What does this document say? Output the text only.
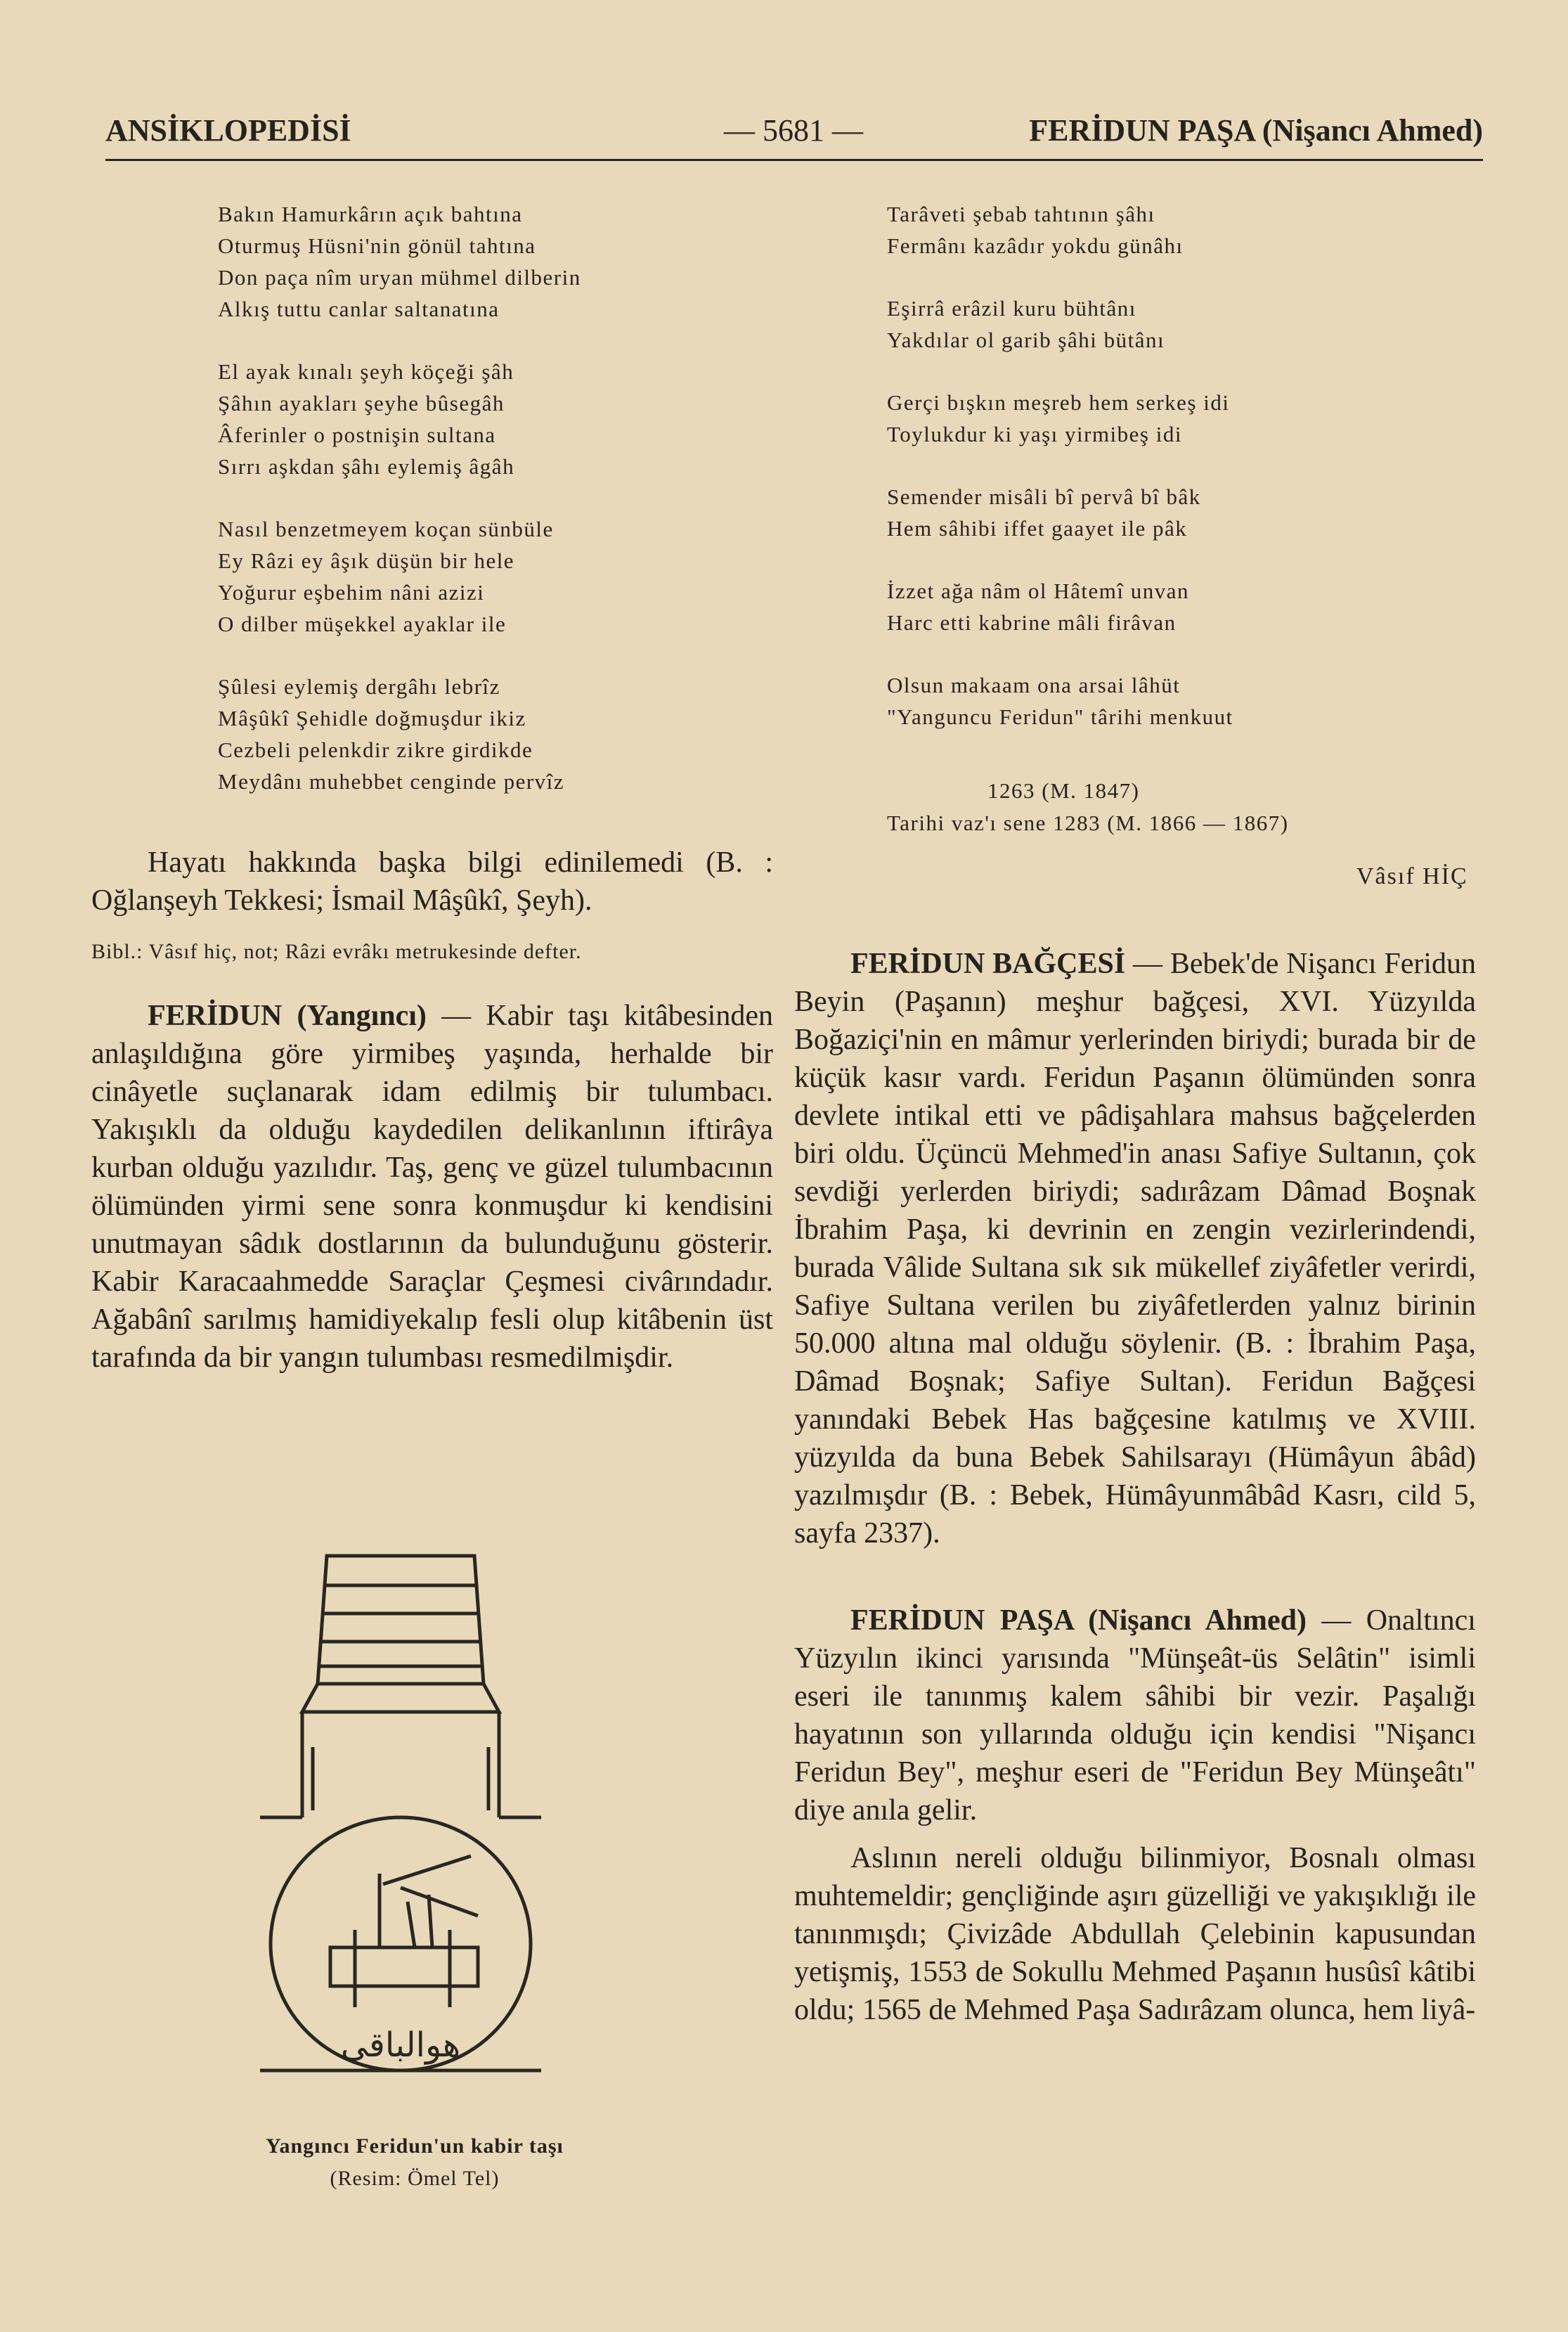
ANSİKLOPEDİSİ	— 5681 —	FERİDUN PAŞA (Nişancı Ahmed)
Bakın Hamurkârın açık bahtına
Oturmuş Hüsni'nin gönül tahtına
Don paça nîm uryan mühmel dilberin
Alkış tuttu canlar saltanatına
El ayak kınalı şeyh köçeği şâh
Şâhın ayakları şeyhe bûsegâh
Âferinler o postnişin sultana
Sırrı aşkdan şâhı eylemiş âgâh
Nasıl benzetmeyem koçan sünbüle
Ey Râzi ey âşık düşün bir hele
Yoğurur eşbehim nâni azizi
O dilber müşekkel ayaklar ile
Şûlesi eylemiş dergâhı lebrîz
Mâşûkî Şehidle doğmuşdur ikiz
Cezbeli pelenkdir zikre girdikde
Meydânı muhebbet cenginde pervîz
Tarâveti şebab tahtının şâhı
Fermânı kazâdır yokdu günâhı
Eşirrâ erâzil kuru bühtânı
Yakdılar ol garib şâhi bütânı
Gerçi bışkın meşreb hem serkeş idi
Toylukdur ki yaşı yirmibeş idi
Semender misâli bî pervâ bî bâk
Hem sâhibi iffet gaayet ile pâk
İzzet ağa nâm ol Hâtemî unvan
Harc etti kabrine mâli firâvan
Olsun makaam ona arsai lâhüt
"Yanguncu Feridun" târihi menkuut
1263 (M. 1847)
Tarihi vaz'ı sene 1283 (M. 1866 — 1867)
Vâsıf HİÇ

Hayatı hakkında başka bilgi edinilemedi (B. : Oğlanşeyh Tekkesi; İsmail Mâşûkî, Şeyh).

Bibl.: Vâsıf hiç, not; Râzi evrâkı metrukesinde defter.

FERİDUN (Yangıncı) — Kabir taşı kitâbesinden anlaşıldığına göre yirmibeş yaşında, herhalde bir cinâyetle suçlanarak idam edilmiş bir tulumbacı. Yakışıklı da olduğu kaydedilen delikanlının iftirâya kurban olduğu yazılıdır. Taş, genç ve güzel tulumbacının ölümünden yirmi sene sonra konmuşdur ki kendisini unutmayan sâdık dostlarının da bulunduğunu gösterir. Kabir Karacaahmedde Saraçlar Çeşmesi civârındadır. Ağabânî sarılmış hamidiyekalıp fesli olup kitâbenin üst tarafında da bir yangın tulumbası resmedilmişdir.

هوالباقى
Yangıncı Feridun'un kabir taşı
(Resim: Ömel Tel)

FERİDUN BAĞÇESİ — Bebek'de Nişancı Feridun Beyin (Paşanın) meşhur bağçesi, XVI. Yüzyılda Boğaziçi'nin en mâmur yerlerinden biriydi; burada bir de küçük kasır vardı. Feridun Paşanın ölümünden sonra devlete intikal etti ve pâdişahlara mahsus bağçelerden biri oldu. Üçüncü Mehmed'in anası Safiye Sultanın, çok sevdiği yerlerden biriydi; sadırâzam Dâmad Boşnak İbrahim Paşa, ki devrinin en zengin vezirlerindendi, burada Vâlide Sultana sık sık mükellef ziyâfetler verirdi, Safiye Sultana verilen bu ziyâfetlerden yalnız birinin 50.000 altına mal olduğu söylenir. (B. : İbrahim Paşa, Dâmad Boşnak; Safiye Sultan). Feridun Bağçesi yanındaki Bebek Has bağçesine katılmış ve XVIII. yüzyılda da buna Bebek Sahilsarayı (Hümâyun âbâd) yazılmışdır (B. : Bebek, Hümâyunmâbâd Kasrı, cild 5, sayfa 2337).

FERİDUN PAŞA (Nişancı Ahmed) — Onaltıncı Yüzyılın ikinci yarısında "Münşeât-üs Selâtin" isimli eseri ile tanınmış kalem sâhibi bir vezir. Paşalığı hayatının son yıllarında olduğu için kendisi "Nişancı Feridun Bey", meşhur eseri de "Feridun Bey Münşeâtı" diye anıla gelir.

Aslının nereli olduğu bilinmiyor, Bosnalı olması muhtemeldir; gençliğinde aşırı güzelliği ve yakışıklığı ile tanınmışdı; Çivizâde Abdullah Çelebinin kapusundan yetişmiş, 1553 de Sokullu Mehmed Paşanın husûsî kâtibi oldu; 1565 de Mehmed Paşa Sadırâzam olunca, hem liyâ-
